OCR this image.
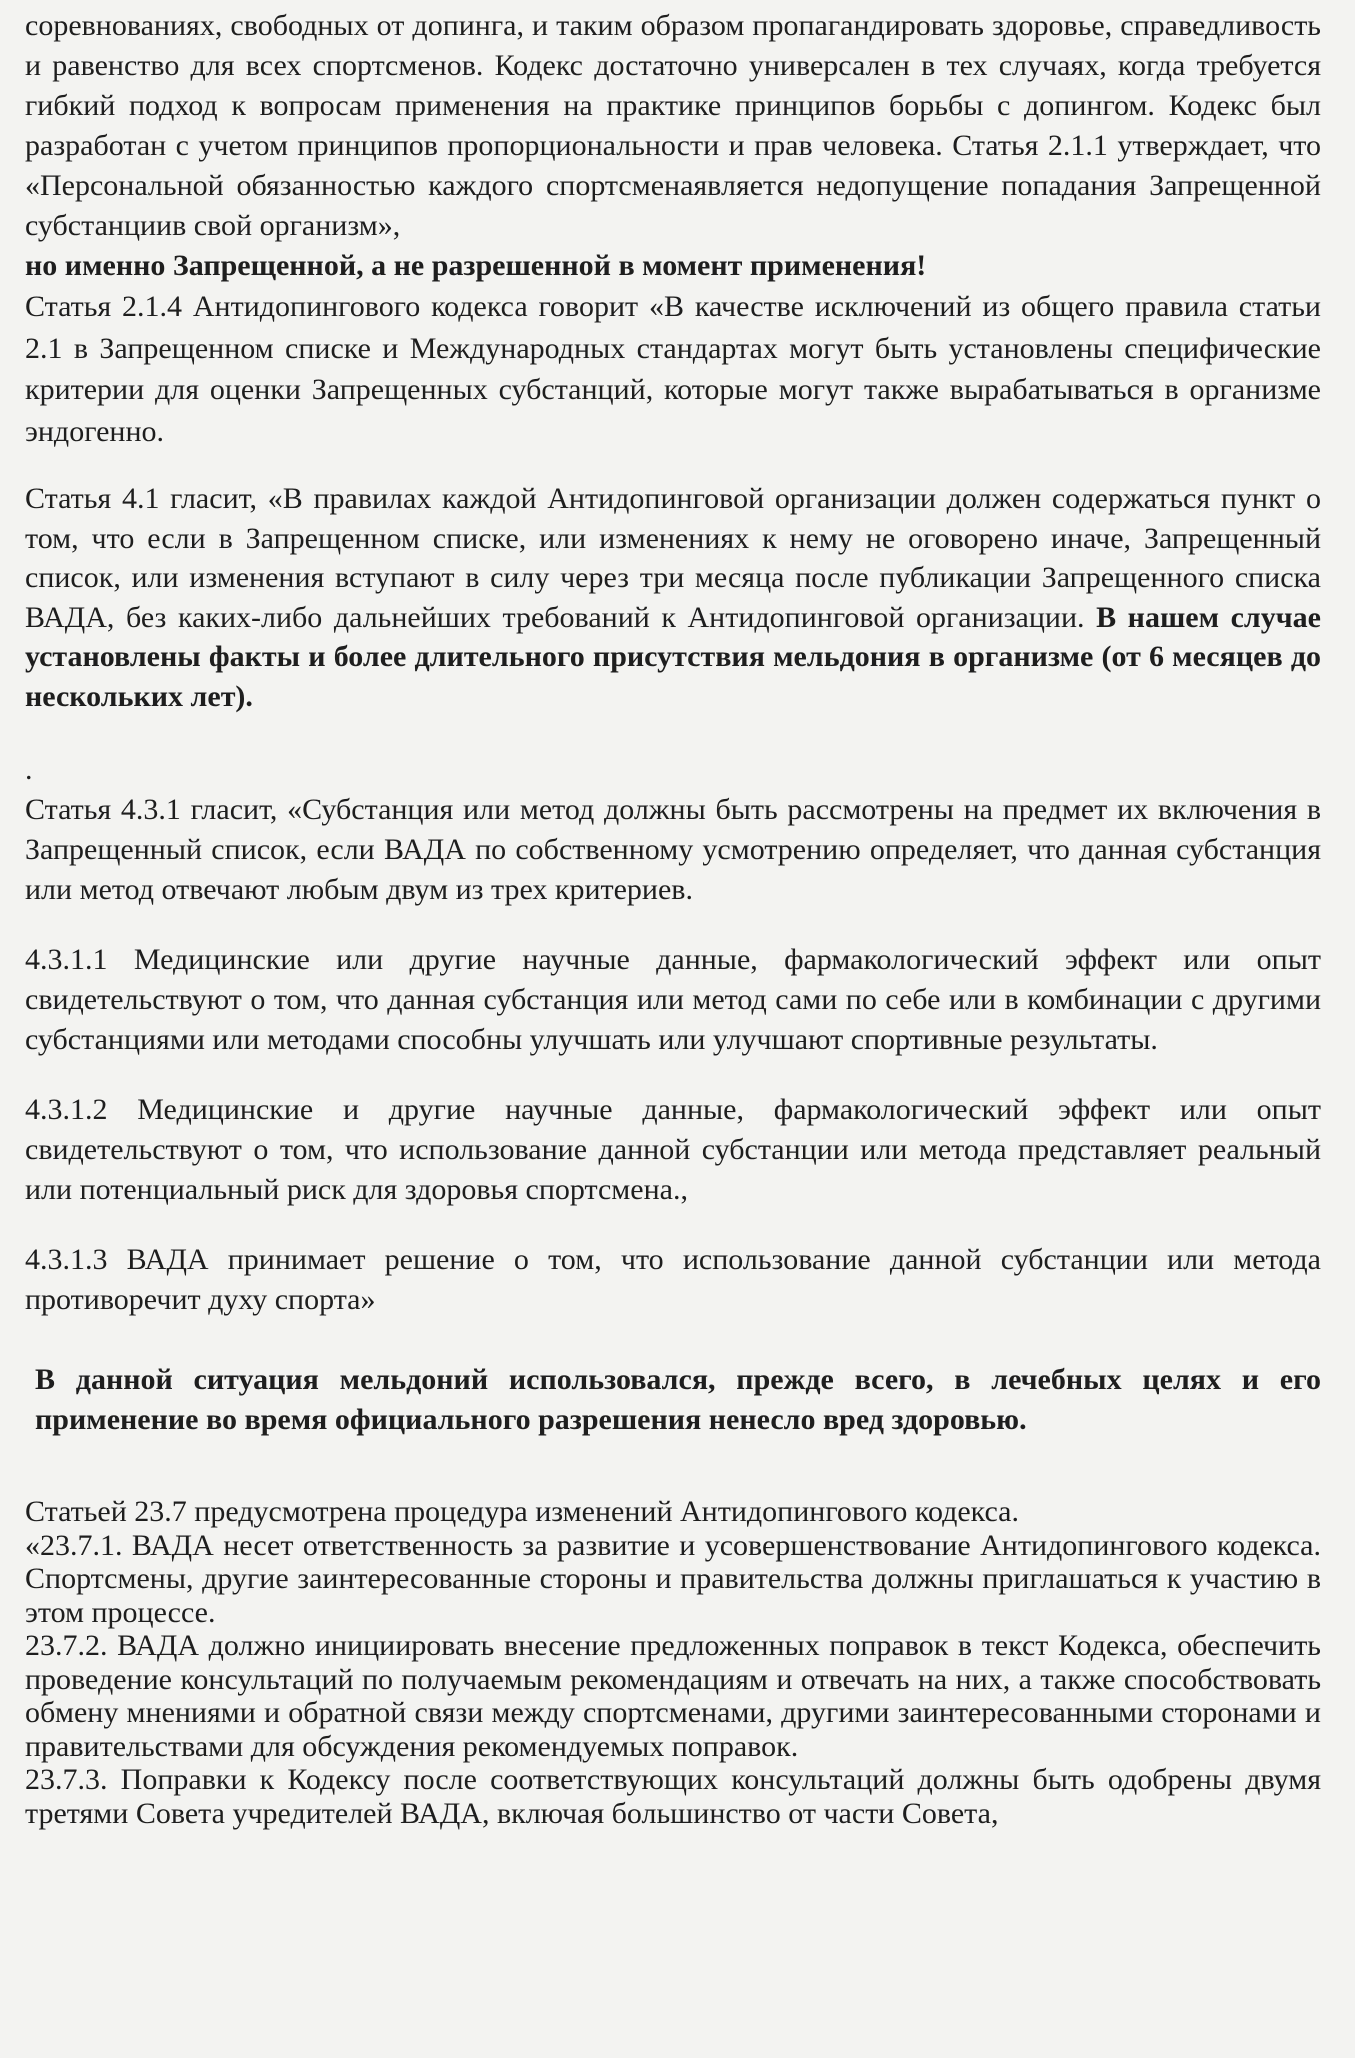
соревнованиях, свободных от допинга, и таким образом пропагандировать здоровье, справедливость и равенство для всех спортсменов. Кодекс достаточно универсален в тех случаях, когда требуется гибкий подход к вопросам применения на практике принципов борьбы с допингом. Кодекс был разработан с учетом принципов пропорциональности и прав человека. Статья 2.1.1 утверждает, что «Персональной обязанностью каждого спортсменаявляется недопущение попадания Запрещенной субстанциив свой организм»,
но именно Запрещенной, а не разрешенной в момент применения!

Статья 2.1.4 Антидопингового кодекса говорит «В качестве исключений из общего правила статьи 2.1 в Запрещенном списке и Международных стандартах могут быть установлены специфические критерии для оценки Запрещенных субстанций, которые могут также вырабатываться в организме эндогенно.

Статья 4.1 гласит, «В правилах каждой Антидопинговой организации должен содержаться пункт о том, что если в Запрещенном списке, или изменениях к нему не оговорено иначе, Запрещенный список, или изменения вступают в силу через три месяца после публикации Запрещенного списка ВАДА, без каких-либо дальнейших требований к Антидопинговой организации. В нашем случае установлены факты и более длительного присутствия мельдония в организме (от 6 месяцев до нескольких лет).

.

Статья 4.3.1 гласит, «Субстанция или метод должны быть рассмотрены на предмет их включения в Запрещенный список, если ВАДА по собственному усмотрению определяет, что данная субстанция или метод отвечают любым двум из трех критериев.

4.3.1.1 Медицинские или другие научные данные, фармакологический эффект или опыт свидетельствуют о том, что данная субстанция или метод сами по себе или в комбинации с другими субстанциями или методами способны улучшать или улучшают спортивные результаты.

4.3.1.2 Медицинские и другие научные данные, фармакологический эффект или опыт свидетельствуют о том, что использование данной субстанции или метода представляет реальный или потенциальный риск для здоровья спортсмена.,

4.3.1.3 ВАДА принимает решение о том, что использование данной субстанции или метода противоречит духу спорта»

В данной ситуация мельдоний использовался, прежде всего, в лечебных целях и его применение во время официального разрешения ненесло вред здоровью.

Статьей 23.7 предусмотрена процедура изменений Антидопингового кодекса.

«23.7.1. ВАДА несет ответственность за развитие и усовершенствование Антидопингового кодекса. Спортсмены, другие заинтересованные стороны и правительства должны приглашаться к участию в этом процессе.

23.7.2. ВАДА должно инициировать внесение предложенных поправок в текст Кодекса, обеспечить проведение консультаций по получаемым рекомендациям и отвечать на них, а также способствовать обмену мнениями и обратной связи между спортсменами, другими заинтересованными сторонами и правительствами для обсуждения рекомендуемых поправок.

23.7.3. Поправки к Кодексу после соответствующих консультаций должны быть одобрены двумя третями Совета учредителей ВАДА, включая большинство от части Совета,
